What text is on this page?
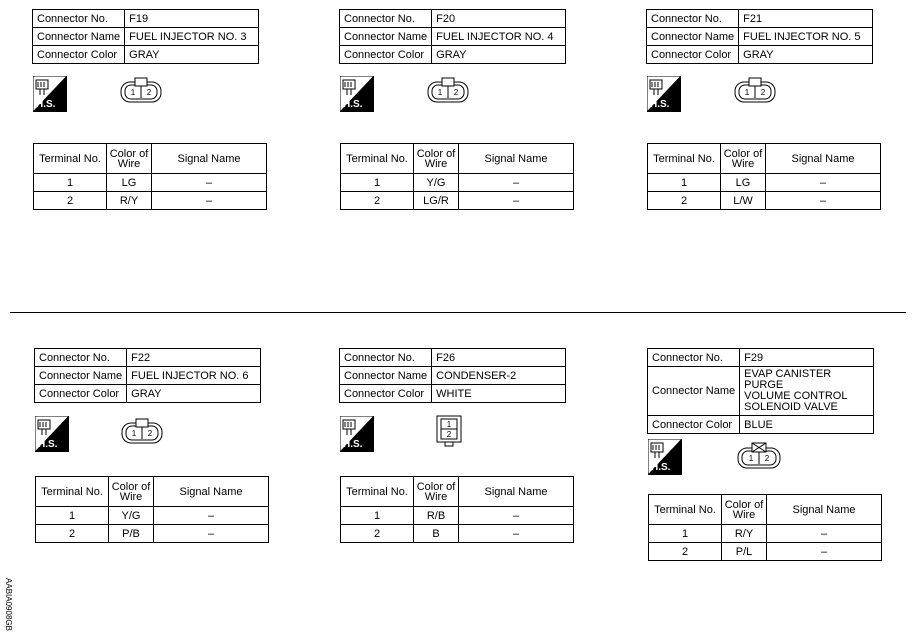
Connector No.	F19
Connector Name	FUEL INJECTOR NO. 3
Connector Color	GRAY
H.S.
1 2
Terminal No.	Color of
Wire	Signal Name
1	LG	–
2	R/Y	–
Connector No.	F20
Connector Name	FUEL INJECTOR NO. 4
Connector Color	GRAY
H.S.
1 2
Terminal No.	Color of
Wire	Signal Name
1	Y/G	–
2	LG/R	–
Connector No.	F21
Connector Name	FUEL INJECTOR NO. 5
Connector Color	GRAY
H.S.
1 2
Terminal No.	Color of
Wire	Signal Name
1	LG	–
2	L/W	–
Connector No.	F22
Connector Name	FUEL INJECTOR NO. 6
Connector Color	GRAY
H.S.
1 2
Terminal No.	Color of
Wire	Signal Name
1	Y/G	–
2	P/B	–
Connector No.	F26
Connector Name	CONDENSER-2
Connector Color	WHITE
H.S.
1
2
Terminal No.	Color of
Wire	Signal Name
1	R/B	–
2	B	–
Connector No.	F29
Connector Name	EVAP CANISTER PURGE
VOLUME CONTROL
SOLENOID VALVE
Connector Color	BLUE
H.S.
1 2
Terminal No.	Color of
Wire	Signal Name
1	R/Y	–
2	P/L	–
AABIA0908GB
